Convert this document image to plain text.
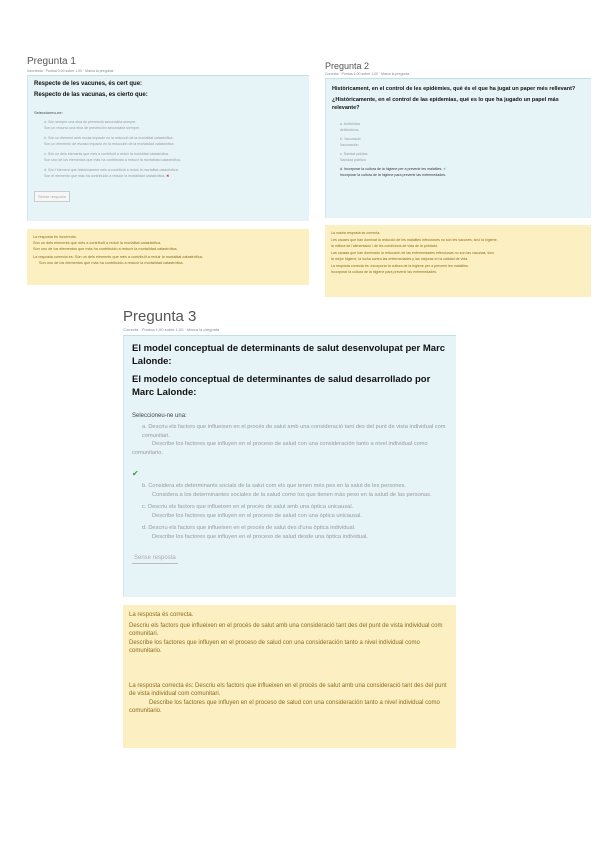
Pregunta 1
Incorrecta · Puntua 0,00 sobre 1,00 · Marca la pregunta
Respecte de les vacunes, és cert que:
Respecto de las vacunas, es cierto que:
Seleccioneu-ne:
a. Són sempre una eina de prevenció secundària sempre.
Son un recurso una eina de prevención secundaria siempre.
b. Són un element amb escàs impacte en la reducció de la mortalitat catastròfica.
Son un elemento de escaso impacto en la reducción de la mortalidad catastrófica.
c. Són un dels elements que més a contribuït a reduir la mortalitat catastròfica.
Son uno de los elementos que más ha contribuido a reducir la mortalidad catastrófica.
d. Són l'element que històricament més a contribuït a reduir la mortalitat catastròfica.
Son el elemento que más ha contribuido a reducir la mortalidad catastrófica. ✖
Sense resposta
La resposta és incorrecta.
Són un dels elements que més a contribuït a reduir la mortalitat catastròfica.
Son uno de los elementos que más ha contribuido a reducir la mortalidad catastrófica.
La resposta correcta és: Són un dels elements que més a contribuït a reduir la mortalitat catastròfica.
Son uno de los elementos que más ha contribuido a reducir la mortalidad catastrófica.
Pregunta 2
Correcta · Puntua 1,00 sobre 1,00 · Marca la pregunta
Històricament, en el control de les epidèmies, què és el que ha jugat un paper més rellevant?
¿Históricamente, en el control de las epidemias, qué es lo que ha jugado un papel más relevante?
a. Antibiòtics
Antibióticos
b. Vacunació
Vacunación
c. Sanitat pública
Sanidad pública
d. Incorporar la cultura de la higiene per a prevenir les malalties. ✔
Incorporar la cultura de la higiene para prevenir las enfermedades.
La vostra resposta és correcta.
Les causes que han dominat la reducció de les malalties infeccioses no són les vacunes, sinó la higiene,
la millora de l'alimentació i de les condicions de vida de la població.
Las causas que han dominado la reducción de las enfermedades infecciosas no son las vacunas, sino
la mejor higiene, la lucha contra las enfermedades y las mejoras en la calidad de vida.
La resposta correcta és: Incorporar la cultura de la higiene per a prevenir les malalties.
Incorporar la cultura de la higiene para prevenir las enfermedades.
Pregunta 3
Correcta · Puntua 1,00 sobre 1,00 · Marca la pregunta
El model conceptual de determinants de salut desenvolupat per Marc Lalonde:
El modelo conceptual de determinantes de salud desarrollado por Marc Lalonde:
Seleccioneu-ne una:
a. Descriu els factors que influeixen en el procés de salut amb una consideració tant des del punt de vista individual com comunitari.
Describe los factores que influyen en el proceso de salud con una consideración tanto a nivel individual como comunitario.
✔
b. Considera els determinants socials de la salut com els que tenen més pes en la salut de les persones.
Considera a los determinantes sociales de la salud como los que tienen más peso en la salud de las personas.
c. Descriu els factors que influeixen en el procés de salut amb una òptica unicausal.
Describe los factores que influyen en el proceso de salud con una óptica unicausal.
d. Descriu els factors que influeixen en el procés de salut des d'una òptica individual.
Describe los factores que influyen en el proceso de salud desde una óptica individual.
Sense resposta
La resposta és correcta.
Descriu els factors que influeixen en el procés de salut amb una consideració tant des del punt de vista individual com comunitari.
Describe los factores que influyen en el proceso de salud con una consideración tanto a nivel individual como comunitario.
La resposta correcta és: Descriu els factors que influeixen en el procés de salut amb una consideració tant des del punt de vista individual com comunitari.
Describe los factores que influyen en el proceso de salud con una consideración tanto a nivel individual como comunitario.
